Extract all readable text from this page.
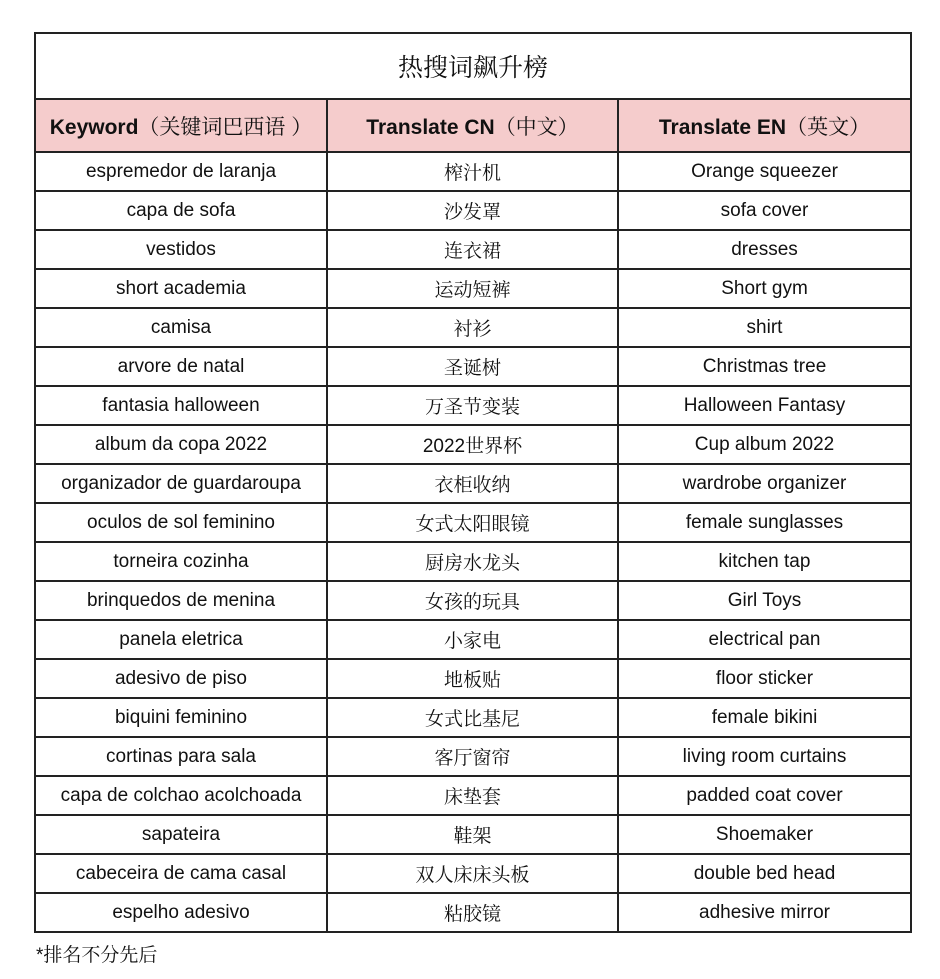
热搜词飙升榜		
Keyword（关键词巴西语 ）	Translate CN（中文）	Translate EN（英文）
espremedor de laranja	榨汁机	Orange squeezer
capa de sofa	沙发罩	sofa cover
vestidos	连衣裙	dresses
short academia	运动短裤	Short gym
camisa	衬衫	shirt
arvore de natal	圣诞树	Christmas tree
fantasia halloween	万圣节变装	Halloween Fantasy
album da copa 2022	2022世界杯	Cup album 2022
organizador de guardaroupa	衣柜收纳	wardrobe organizer
oculos de sol feminino	女式太阳眼镜	female sunglasses
torneira cozinha	厨房水龙头	kitchen tap
brinquedos de menina	女孩的玩具	Girl Toys
panela eletrica	小家电	electrical pan
adesivo de piso	地板贴	floor sticker
biquini feminino	女式比基尼	female bikini
cortinas para sala	客厅窗帘	living room curtains
capa de colchao acolchoada	床垫套	padded coat cover
sapateira	鞋架	Shoemaker
cabeceira de cama casal	双人床床头板	double bed head
espelho adesivo	粘胶镜	adhesive mirror
*排名不分先后
